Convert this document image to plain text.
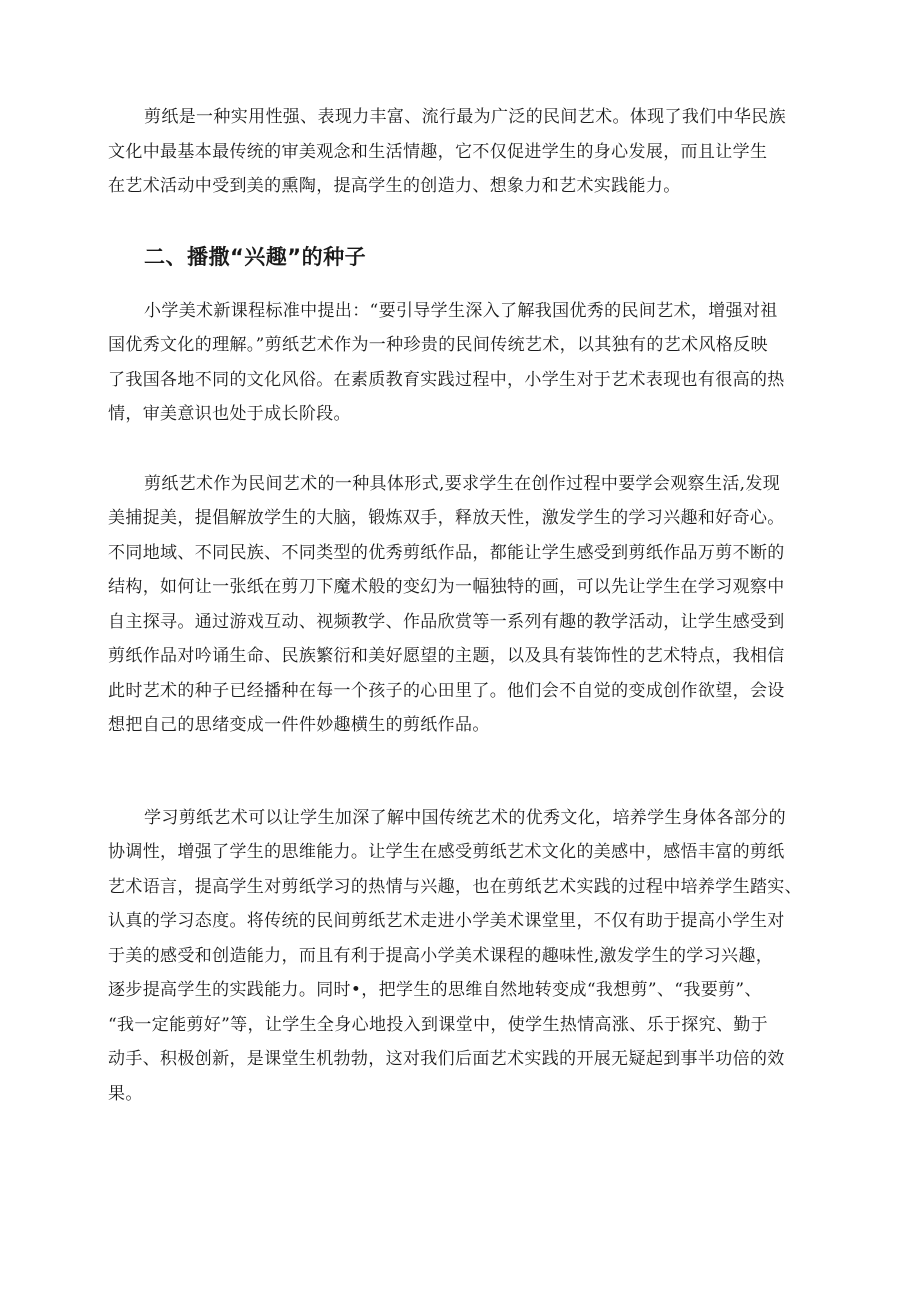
剪纸是一种实用性强、表现力丰富、流行最为广泛的民间艺术。体现了我们中华民族
文化中最基本最传统的审美观念和生活情趣，它不仅促进学生的身心发展，而且让学生
在艺术活动中受到美的熏陶，提高学生的创造力、想象力和艺术实践能力。
二、播撒“兴趣”的种子
小学美术新课程标准中提出：“要引导学生深入了解我国优秀的民间艺术，增强对祖
国优秀文化的理解。”剪纸艺术作为一种珍贵的民间传统艺术，以其独有的艺术风格反映
了我国各地不同的文化风俗。在素质教育实践过程中，小学生对于艺术表现也有很高的热
情，审美意识也处于成长阶段。
剪纸艺术作为民间艺术的一种具体形式,要求学生在创作过程中要学会观察生活,发现
美捕捉美，提倡解放学生的大脑，锻炼双手，释放天性，激发学生的学习兴趣和好奇心。
不同地域、不同民族、不同类型的优秀剪纸作品，都能让学生感受到剪纸作品万剪不断的
结构，如何让一张纸在剪刀下魔术般的变幻为一幅独特的画，可以先让学生在学习观察中
自主探寻。通过游戏互动、视频教学、作品欣赏等一系列有趣的教学活动，让学生感受到
剪纸作品对吟诵生命、民族繁衍和美好愿望的主题，以及具有装饰性的艺术特点，我相信
此时艺术的种子已经播种在每一个孩子的心田里了。他们会不自觉的变成创作欲望，会设
想把自己的思绪变成一件件妙趣横生的剪纸作品。
学习剪纸艺术可以让学生加深了解中国传统艺术的优秀文化，培养学生身体各部分的
协调性，增强了学生的思维能力。让学生在感受剪纸艺术文化的美感中，感悟丰富的剪纸
艺术语言，提高学生对剪纸学习的热情与兴趣，也在剪纸艺术实践的过程中培养学生踏实、
认真的学习态度。将传统的民间剪纸艺术走进小学美术课堂里，不仅有助于提高小学生对
于美的感受和创造能力，而且有利于提高小学美术课程的趣味性,激发学生的学习兴趣，
逐步提高学生的实践能力。同时•，把学生的思维自然地转变成“我想剪”、“我要剪”、
“我一定能剪好”等，让学生全身心地投入到课堂中，使学生热情高涨、乐于探究、勤于
动手、积极创新，是课堂生机勃勃，这对我们后面艺术实践的开展无疑起到事半功倍的效
果。
